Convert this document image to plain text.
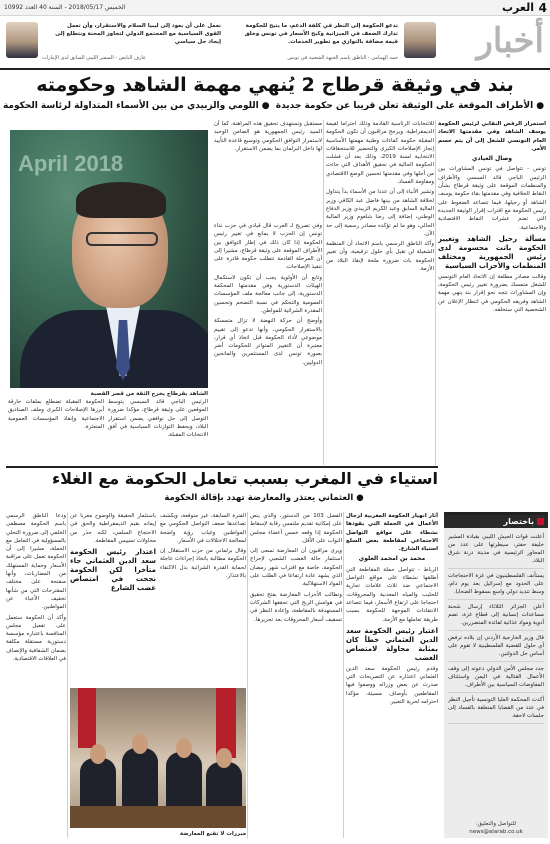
4
العرب
الخميس 2018/05/17 - السنة 40 العدد 10992
أخبار
ندعو الحكومة إلى النظر في كلفة الدعم، ما يتيح للحكومة تدارك الضعف في الميزانية وكبح الأسعار في تونس وخلق قيمة مضافة بالتوازي مع تطوير الخدمات.
حمه الهمامي - الناطق باسم الجبهة الشعبية في تونس
نعمل على أن يعود إلى ليبيا السلام والاستقرار، وأن تعمل القوى السياسية مع المجتمع الدولي لتجاوز المحنة ونتطلع إلى إيجاد حل سياسي
عارف النايض - السفير الليبي السابق لدى الإمارات
بند في وثيقة قرطاج 2 يُنهي مهمة الشاهد وحكومته
●الأطراف الموقعة على الوثيقة تعلن قريبا عن حكومة جديدة ●اللومي والزبيدي من بين الأسماء المتداولة لرئاسة الحكومة

استمرار الرفض النقابي لرئيس الحكومة يوسف الشاهد وفي مقدمتها الاتحاد العام التونسي للشغل إلى أن يتم حسم الأمر.

وصال العيادي

تونس - تتواصل في تونس المشاورات بين الرئيس الباجي قائد السبسي والأطراف والمنظمات الموقعة على وثيقة قرطاج بشأن النقاط الخلافية وفي مقدمتها بقاء حكومة يوسف الشاهد أو رحيلها، فيما تتصاعد الضغوط على رئيس الحكومة مع اقتراب إقرار الوثيقة الجديدة التي تضم عشرات النقاط الاقتصادية والاجتماعية.

مسألة رحيل الشاهد وتغيير الحكومة باتت محسومة لدى رئيس الجمهورية ومختلف المنظمات والأحزاب السياسية

وقالت مصادر مطلعة إن الاتحاد العام التونسي للشغل متمسك بضرورة تغيير رئيس الحكومة، وإن المشاورات تتجه نحو إقرار بند ينهي مهمة الشاهد وفريقه الحكومي في انتظار الإعلان عن الشخصية التي ستخلفه.

للانتخابات الرئاسية القادمة وذلك احتراما لقيمة الديمقراطية. ويرجح مراقبون أن تكون الحكومة المقبلة حكومة كفاءات وطنية مهمتها الأساسية إنجاز الإصلاحات الكبرى والتحضير للاستحقاقات الانتخابية لسنة 2019، وذلك بعد أن فشلت الحكومة الحالية في تحقيق الأهداف التي جاءت من أجلها وفي مقدمتها تحسين الوضع الاقتصادي ومقاومة الفساد.

وتشير الأنباء إلى أن عددا من الأسماء بدأ يتداول لخلافة الشاهد من بينها فاضل عبد الكافي وزير المالية السابق وعبد الكريم الزبيدي وزير الدفاع الوطني، إضافة إلى رضا شلغوم وزير المالية الحالي، وهو ما لم تؤكده مصادر رسمية إلى حد الآن.

وأكد الناطق الرسمي باسم الاتحاد أن المنظمة الشغيلة لن تقبل بأي حلول ترقيعية، وأن تغيير الحكومة بات ضرورة ملحة لإنقاذ البلاد من الأزمة.

مستقبل وتستهدف تحقيق هذه المراهنة، كما أن السيد رئيس الجمهورية هو الضامن الوحيد لاستمرار التوافق الحكومي وتوسيع قاعدة التأييد لها داخل البرلمان بما يضمن الاستقرار.

April 2018
الشاهد بقرطاج يخرج الثقة من قصر القصبة

وفي تصريح لـ العرب قال قيادي في حزب نداء تونس إن الحزب لا يمانع في تغيير رئيس الحكومة إذا كان ذلك في إطار التوافق بين الأطراف الموقعة على وثيقة قرطاج، مشيرا إلى أن المرحلة القادمة تتطلب حكومة قادرة على تنفيذ الإصلاحات.

وتابع أن الأولوية يجب أن تكون لاستكمال الهيئات الدستورية وفي مقدمتها المحكمة الدستورية، إلى جانب معالجة ملف المؤسسات العمومية والتحكم في نسبة التضخم وتحسين المقدرة الشرائية للمواطن.

وأوضح أن حركة النهضة لا تزال متمسكة بالاستقرار الحكومي، وأنها تدعو إلى تقييم موضوعي لأداء الحكومة قبل اتخاذ أي قرار، معتبرة أن التغيير المتواتر للحكومات أضر بصورة تونس لدى المستثمرين والمانحين الدوليين.

الرئيس الباجي قائد السبسي يتوسط الموقعين على وثيقة قرطاج، مؤكدا ضرورة التوصل إلى حل توافقي يضمن استقرار البلاد، ويحفظ التوازنات السياسية في أفق الانتخابات المقبلة.

الحكومة المقبلة تضطلع بملفات حارقة أبرزها الإصلاحات الكبرى وملف الصناديق الاجتماعية وإنقاذ المؤسسات العمومية المتعثرة.

استياء في المغرب بسبب تعامل الحكومة مع الغلاء
● العثماني يعتذر والمعارضة تهدد بإقالة الحكومة

أثار انهيار الحكومة المغربية لرجال الأعمال في الحملة التي يقودها نشطاء على مواقع التواصل الاجتماعي لمقاطعة بعض السلع استياء الشارع.

محمد بن امحمد العلوي

الرباط - تتواصل حملة المقاطعة التي أطلقها نشطاء على مواقع التواصل الاجتماعي ضد ثلاث علامات تجارية للحليب والمياه المعدنية والمحروقات، احتجاجا على ارتفاع الأسعار، فيما تتصاعد الانتقادات الموجهة للحكومة بسبب طريقة تعاملها مع الأزمة.

اعتبار رئيس الحكومة سعد الدين العثماني خطأ كان بمثابة محاولة لامتصاص الغضب

وقدم رئيس الحكومة سعد الدين العثماني اعتذاره عن التصريحات التي صدرت عن بعض وزرائه ووصفوا فيها المقاطعين بأوصاف مسيئة، مؤكدا احترامه لحرية التعبير.

الفصل 103 من الدستور، والذي ينص على إمكانية تقديم ملتمس رقابة لإسقاط الحكومة إذا وقعه خمس أعضاء مجلس النواب على الأقل.

ويرى مراقبون أن المعارضة تسعى إلى استثمار حالة الغضب الشعبي لإحراج الحكومة، خاصة مع اقتراب شهر رمضان الذي يشهد عادة ارتفاعا في الطلب على المواد الاستهلاكية.

وتطالب الأحزاب المعارضة بفتح تحقيق في هوامش الربح التي تحققها الشركات المستهدفة بالمقاطعة، وإعادة النظر في تسقيف أسعار المحروقات بعد تحريرها.

الفترة السابقة، غير متوقعة، ويكشف تصاعدها ضعف التواصل الحكومي مع المواطنين وغياب رؤية واضحة لمعالجة الاختلالات في الأسعار.

وقال برلماني من حزب الاستقلال إن الحكومة مطالبة باتخاذ إجراءات عاجلة لحماية القدرة الشرائية بدل الاكتفاء بالاعتذار.

باستثمار الحقيقة والوضوح معربا عن إيمانه بقيم الديمقراطية والحق في الاحتجاج السلمي، لكنه حذر من محاولات تسييس المقاطعة.

اعتذار رئيس الحكومة سعد الدين العثماني جاء متأخرا لكن الحكومة نجحت في امتصاص غضب الشارع

ودعا الناطق الرسمي باسم الحكومة مصطفى الخلفي إلى ضرورة التحلي بالمسؤولية في التعامل مع الحملة، مشيرا إلى أن الحكومة تعمل على مراقبة الأسعار وحماية المستهلك من المضاربات، وأنها منفتحة على مختلف المقترحات التي من شأنها تخفيف الأعباء عن المواطنين.

وأكد أن الحكومة ستعمل على تفعيل مجلس المنافسة باعتباره مؤسسة دستورية مستقلة مكلفة بضمان الشفافية والإنصاف في العلاقات الاقتصادية.

مبررات لا تقنع المعارضة
باختصار
أعلنت قوات الجيش الليبي بقيادة المشير خليفة حفتر، سيطرتها على عدد من المحاور الرئيسية في مدينة درنة شرق البلاد.
يستأنف الفلسطينيون في غزة الاحتجاجات على الحدود مع إسرائيل بعد يوم دام، وسط تنديد دولي واسع بسقوط الضحايا.
أعلن الجزائر الثلاثاء إرسال شحنة مساعدات إنسانية إلى قطاع غزة، تضم أدوية ومواد غذائية لفائدة المتضررين.
قال وزير الخارجية الأردني إن بلاده ترفض أي حلول للقضية الفلسطينية لا تقوم على أساس حل الدولتين.
جدد مجلس الأمن الدولي دعوته إلى وقف الأعمال القتالية في اليمن واستئناف المفاوضات السياسية بين الأطراف.
أكدت المحكمة العليا التونسية تأجيل النظر في عدد من القضايا المتعلقة بالفساد إلى جلسات لاحقة.
للتواصل والتعليق:
news@alarab.co.uk
